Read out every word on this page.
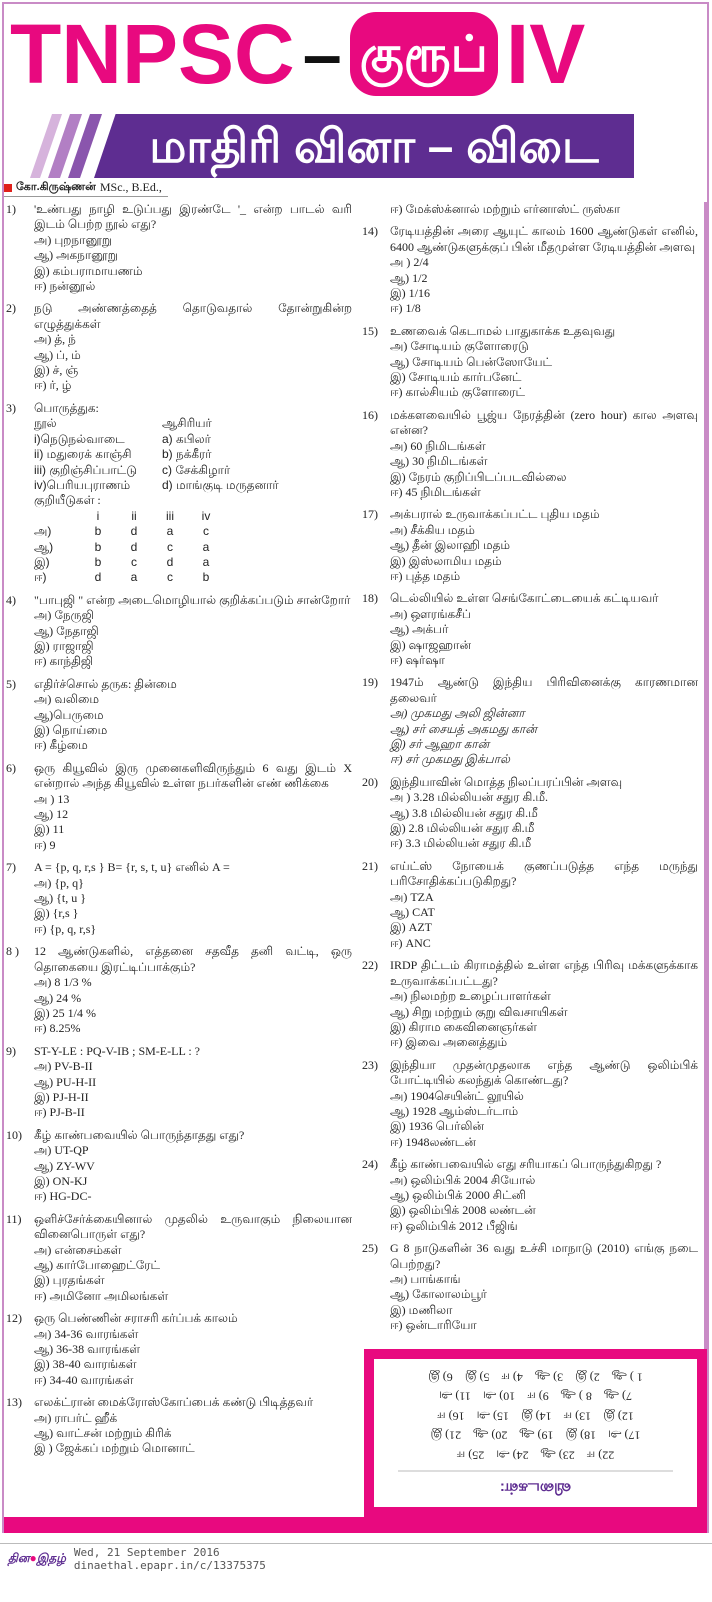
TNPSC – குரூப் IV
மாதிரி வினா – விடை
கோ.கிருஷ்ணன் MSc., B.Ed.,
1)	'உண்பது நாழி உடுப்பது இரண்டே '_ என்ற பாடல் வரி இடம் பெற்ற நூல் எது?
அ) புறநானூறு
ஆ) அகநானூறு
இ) கம்பராமாயணம்
ஈ) நன்னூல்
2)	நடு அண்ணத்தைத் தொடுவதால் தோன்றுகின்ற எழுத்துக்கள்
அ) த், ந்
ஆ) ப், ம்
இ) ச், ஞ்
ஈ) ர், ழ்
3)	பொருத்துக:
நூல்	ஆசிரியர்
i)நெடுநல்வாடை	a) கபிலர்
ii) மதுரைக் காஞ்சி	b) நக்கீரர்
iii) குறிஞ்சிப்பாட்டு	c) சேக்கிழார்
iv)பெரியபுராணம்	d) மாங்குடி மருதனார்
குறியீடுகள் :
i	ii	iii	iv
அ)	b	d	a	c
ஆ)	b	d	c	a
இ)	b	c	d	a
ஈ)	d	a	c	b
4)	"பாபுஜி " என்ற அடைமொழியால் குறிக்கப்படும் சான்றோர்
அ) நேருஜி
ஆ) நேதாஜி
இ) ராஜாஜி
ஈ) காந்திஜி
5)	எதிர்ச்சொல் தருக: தின்மை
அ) வலிமை
ஆ)பெருமை
இ) நொய்மை
ஈ) கீழ்மை
6)	ஒரு கியூவில் இரு முனைகளிவிருந்தும் 6 வது இடம் X என்றால் அந்த கியூவில் உள்ள நபர்களின் எண் ணிக்கை
அ ) 13
ஆ) 12
இ) 11
ஈ) 9
7)	A = {p, q, r,s } B= {r, s, t, u} எனில் A =
அ) {p, q}
ஆ) {t, u }
இ) {r,s }
ஈ) {p, q, r,s}
8 )	12 ஆண்டுகளில், எத்தனை சதவீத தனி வட்டி, ஒரு தொகையை இரட்டிப்பாக்கும்?
அ) 8 1/3 %
ஆ) 24 %
இ) 25 1/4 %
ஈ) 8.25%
9)	ST-Y-LE : PQ-V-IB ; SM-E-LL : ?
அ) PV-B-II
ஆ) PU-H-II
இ) PJ-H-II
ஈ) PJ-B-II
10)	கீழ் காண்பவையில் பொருந்தாதது எது?
அ) UT-QP
ஆ) ZY-WV
இ) ON-KJ
ஈ) HG-DC-
11)	ஒளிச்சேர்க்கையினால் முதலில் உருவாகும் நிலையான வினைபொருள் எது?
அ) என்சைம்கள்
ஆ) கார்போஹைட்ரேட்
இ) புரதங்கள்
ஈ) அமினோ அமிலங்கள்
12)	ஒரு பெண்ணின் சராசரி கர்ப்பக் காலம்
அ) 34-36 வாரங்கள்
ஆ) 36-38 வாரங்கள்
இ) 38-40 வாரங்கள்
ஈ) 34-40 வாரங்கள்
13)	எலக்ட்ரான் மைக்ரோஸ்கோப்பைக் கண்டு பிடித்தவர்
அ) ராபர்ட் ஹீக்
ஆ) வாட்சன் மற்றும் கிரிக்
இ ) ஜேக்கப் மற்றும் மொனாட்
ஈ) மேக்ஸ்க்னால் மற்றும் எர்னாஸ்ட் ருஸ்கா
14)	ரேடியத்தின் அரை ஆயுட் காலம் 1600 ஆண்டுகள் எனில், 6400 ஆண்டுகளுக்குப் பின் மீதமுள்ள ரேடியத்தின் அளவு
அ ) 2/4
ஆ) 1/2
இ) 1/16
ஈ) 1/8
15)	உணவைக் கெடாமல் பாதுகாக்க உதவுவது
அ) சோடியம் குளோரைடு
ஆ) சோடியம் பென்ஸோயேட்
இ) சோடியம் கார்பனேட்
ஈ) கால்சியம் குளோரைட்
16)	மக்களவையில் பூஜ்ய நேரத்தின் (zero hour) கால அளவு என்ன?
அ) 60 நிமிடங்கள்
ஆ) 30 நிமிடங்கள்
இ) நேரம் குறிப்பிடப்படவில்லை
ஈ) 45 நிமிடங்கள்
17)	அக்பரால் உருவாக்கப்பட்ட புதிய மதம்
அ) சீக்கிய மதம்
ஆ) தீன் இலாஹி மதம்
இ) இஸ்லாமிய மதம்
ஈ) புத்த மதம்
18)	டெல்லியில் உள்ள செங்கோட்டையைக் கட்டியவர்
அ) ஔரங்கசீப்
ஆ) அக்பர்
இ) ஷாஜஹான்
ஈ) ஷர்ஷா
19)	1947ம் ஆண்டு இந்திய பிரிவினைக்கு காரணமான தலைவர்
அ) முகமது அலி ஜின்னா
ஆ) சர் சையத் அகமது கான்
இ) சர் ஆஹா கான்
ஈ) சர் முகமது இக்பால்
20)	இந்தியாவின் மொத்த நிலப்பரப்பின் அளவு
அ ) 3.28 மில்லியன் சதுர கி.மீ.
ஆ) 3.8 மில்லியன் சதுர கி.மீ
இ) 2.8 மில்லியன் சதுர கி.மீ
ஈ) 3.3 மில்லியன் சதுர கி.மீ
21)	எய்ட்ஸ் நோயைக் குணப்படுத்த எந்த மருந்து பரிசோதிக்கப்படுகிறது?
அ) TZA
ஆ) CAT
இ) AZT
ஈ) ANC
22)	IRDP திட்டம் கிராமத்தில் உள்ள எந்த பிரிவு மக்களுக்காக உருவாக்கப்பட்டது?
அ) நிலமற்ற உழைப்பாளர்கள்
ஆ) சிறு மற்றும் குறு விவசாயிகள்
இ) கிராம கைவினைஞர்கள்
ஈ) இவை அனைத்தும்
23)	இந்தியா முதன்முதலாக எந்த ஆண்டு ஒலிம்பிக் போட்டியில் கலந்துக் கொண்டது?
அ) 1904செயின்ட் லூயில்
ஆ) 1928 ஆம்ஸ்டர்டாம்
இ) 1936 பெர்லின்
ஈ) 1948லண்டன்
24)	கீழ் காண்பவையில் எது சரியாகப் பொருந்துகிறது ?
அ) ஒலிம்பிக் 2004 சியோல்
ஆ) ஒலிம்பிக் 2000 சிட்னி
இ) ஒலிம்பிக் 2008 லண்டன்
ஈ) ஒலிம்பிக் 2012 பீஜிங்
25)	G 8 நாடுகளின் 36 வது உச்சி மாநாடு (2010) எங்கு நடை பெற்றது?
அ) பாங்காங்
ஆ) கோலாலம்பூர்
இ) மணிலா
ஈ) ஒன்டாரியோ
விடைகள்:
22) ஈ
23) ஆ
24) அ
25) ஈ
17) அ
18) இ
19) ஆ
20) ஆ
21) இ
12) இ
13) ஈ
14) இ
15) அ
16) ஈ
7) ஆ
8 ) ஆ
9) ஈ
10) அ
11) அ
1 ) ஆ
2) இ
3) ஆ
4) ஈ
5) இ
6) இ
தின●இதழ் Wed, 21 September 2016
dinaethal.epapr.in/c/13375375
